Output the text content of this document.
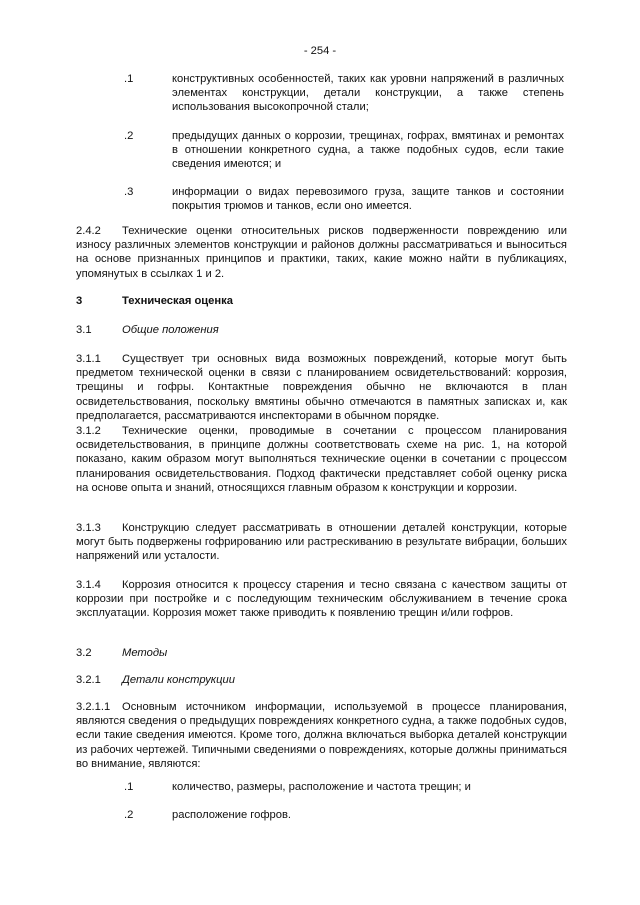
- 254 -
.1	конструктивных особенностей, таких как уровни напряжений в различных элементах конструкции, детали конструкции, а также степень использования высокопрочной стали;
.2	предыдущих данных о коррозии, трещинах, гофрах, вмятинах и ремонтах в отношении конкретного судна, а также подобных судов, если такие сведения имеются; и
.3	информации о видах перевозимого груза, защите танков и состоянии покрытия трюмов и танков, если оно имеется.
2.4.2 Технические оценки относительных рисков подверженности повреждению или износу различных элементов конструкции и районов должны рассматриваться и выноситься на основе признанных принципов и практики, таких, какие можно найти в публикациях, упомянутых в ссылках 1 и 2.
3	Техническая оценка
3.1	Общие положения
3.1.1 Существует три основных вида возможных повреждений, которые могут быть предметом технической оценки в связи с планированием освидетельствований: коррозия, трещины и гофры. Контактные повреждения обычно не включаются в план освидетельствования, поскольку вмятины обычно отмечаются в памятных записках и, как предполагается, рассматриваются инспекторами в обычном порядке.
3.1.2 Технические оценки, проводимые в сочетании с процессом планирования освидетельствования, в принципе должны соответствовать схеме на рис. 1, на которой показано, каким образом могут выполняться технические оценки в сочетании с процессом планирования освидетельствования. Подход фактически представляет собой оценку риска на основе опыта и знаний, относящихся главным образом к конструкции и коррозии.
3.1.3 Конструкцию следует рассматривать в отношении деталей конструкции, которые могут быть подвержены гофрированию или растрескиванию в результате вибрации, больших напряжений или усталости.
3.1.4 Коррозия относится к процессу старения и тесно связана с качеством защиты от коррозии при постройке и с последующим техническим обслуживанием в течение срока эксплуатации. Коррозия может также приводить к появлению трещин и/или гофров.
3.2	Методы
3.2.1 Детали конструкции
3.2.1.1 Основным источником информации, используемой в процессе планирования, являются сведения о предыдущих повреждениях конкретного судна, а также подобных судов, если такие сведения имеются. Кроме того, должна включаться выборка деталей конструкции из рабочих чертежей. Типичными сведениями о повреждениях, которые должны приниматься во внимание, являются:
.1	количество, размеры, расположение и частота трещин; и
.2	расположение гофров.
